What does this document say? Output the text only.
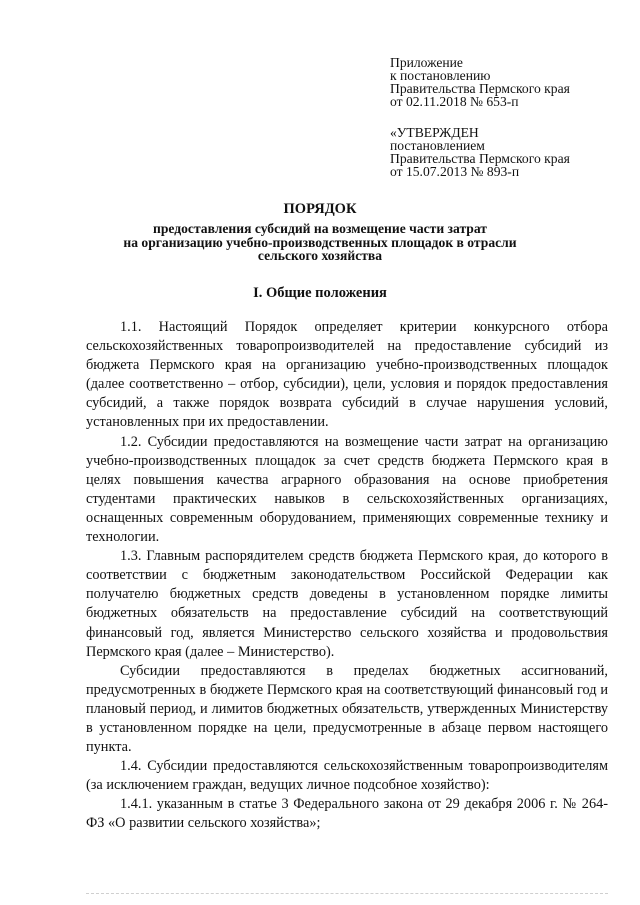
Приложение
к постановлению
Правительства Пермского края
от 02.11.2018 № 653-п
«УТВЕРЖДЕН
постановлением
Правительства Пермского края
от 15.07.2013 № 893-п
ПОРЯДОК
предоставления субсидий на возмещение части затрат
на организацию учебно-производственных площадок в отрасли
сельского хозяйства
I. Общие положения

1.1. Настоящий Порядок определяет критерии конкурсного отбора сельскохозяйственных товаропроизводителей на предоставление субсидий из бюджета Пермского края на организацию учебно-производственных площадок (далее соответственно – отбор, субсидии), цели, условия и порядок предоставления субсидий, а также порядок возврата субсидий в случае нарушения условий, установленных при их предоставлении.

1.2. Субсидии предоставляются на возмещение части затрат на организацию учебно-производственных площадок за счет средств бюджета Пермского края в целях повышения качества аграрного образования на основе приобретения студентами практических навыков в сельскохозяйственных организациях, оснащенных современным оборудованием, применяющих современные технику и технологии.

1.3. Главным распорядителем средств бюджета Пермского края, до которого в соответствии с бюджетным законодательством Российской Федерации как получателю бюджетных средств доведены в установленном порядке лимиты бюджетных обязательств на предоставление субсидий на соответствующий финансовый год, является Министерство сельского хозяйства и продовольствия Пермского края (далее – Министерство).

Субсидии предоставляются в пределах бюджетных ассигнований, предусмотренных в бюджете Пермского края на соответствующий финансовый год и плановый период, и лимитов бюджетных обязательств, утвержденных Министерству в установленном порядке на цели, предусмотренные в абзаце первом настоящего пункта.

1.4. Субсидии предоставляются сельскохозяйственным товаропроизводителям (за исключением граждан, ведущих личное подсобное хозяйство):

1.4.1. указанным в статье 3 Федерального закона от 29 декабря 2006 г. № 264-ФЗ «О развитии сельского хозяйства»;
